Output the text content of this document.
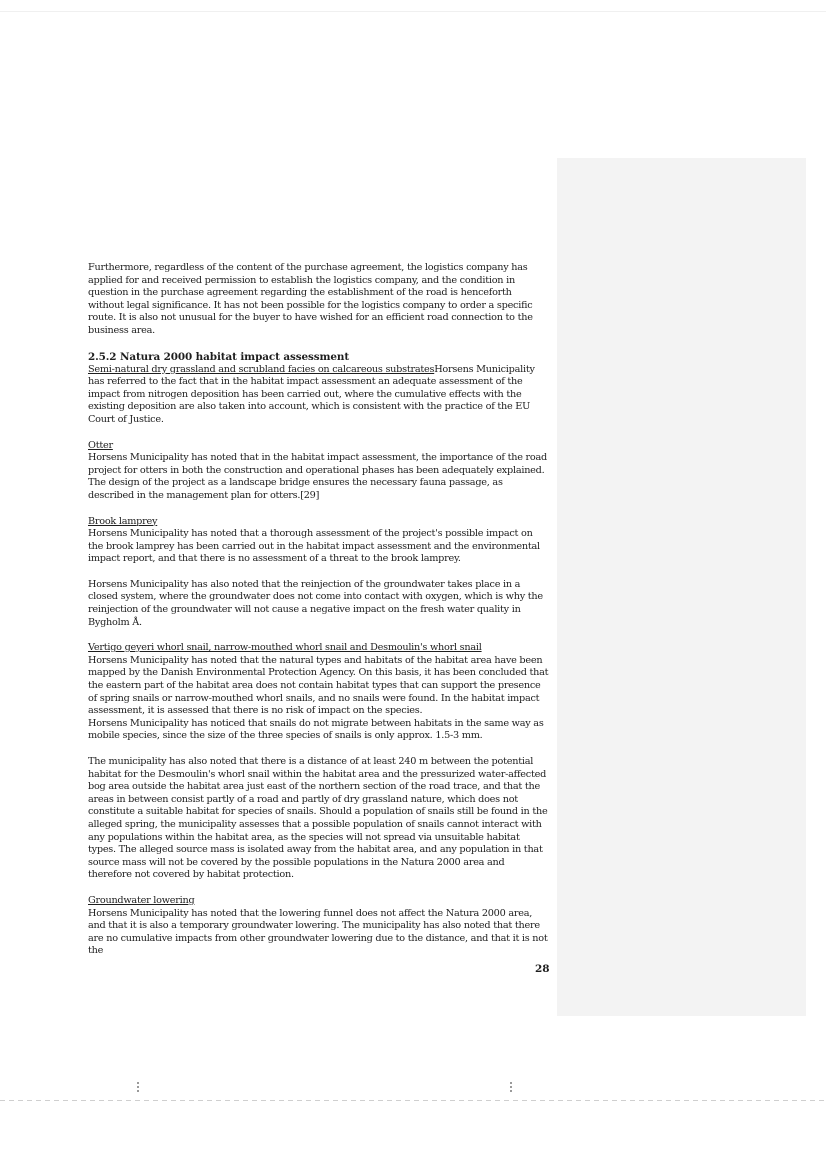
Furthermore, regardless of the content of the purchase agreement, the logistics company has applied for and received permission to establish the logistics company, and the condition in question in the purchase agreement regarding the establishment of the road is henceforth without legal significance. It has not been possible for the logistics company to order a specific route. It is also not unusual for the buyer to have wished for an efficient road connection to the business area.

2.5.2 Natura 2000 habitat impact assessment

Semi-natural dry grassland and scrubland facies on calcareous substratesHorsens Municipality has referred to the fact that in the habitat impact assessment an adequate assessment of the impact from nitrogen deposition has been carried out, where the cumulative effects with the existing deposition are also taken into account, which is consistent with the practice of the EU Court of Justice.

Otter
Horsens Municipality has noted that in the habitat impact assessment, the importance of the road project for otters in both the construction and operational phases has been adequately explained. The design of the project as a landscape bridge ensures the necessary fauna passage, as described in the management plan for otters.[29]

Brook lamprey
Horsens Municipality has noted that a thorough assessment of the project's possible impact on the brook lamprey has been carried out in the habitat impact assessment and the environmental impact report, and that there is no assessment of a threat to the brook lamprey.

Horsens Municipality has also noted that the reinjection of the groundwater takes place in a closed system, where the groundwater does not come into contact with oxygen, which is why the reinjection of the groundwater will not cause a negative impact on the fresh water quality in Bygholm Å.

Vertigo geyeri whorl snail, narrow-mouthed whorl snail and Desmoulin's whorl snail
Horsens Municipality has noted that the natural types and habitats of the habitat area have been mapped by the Danish Environmental Protection Agency. On this basis, it has been concluded that the eastern part of the habitat area does not contain habitat types that can support the presence of spring snails or narrow-mouthed whorl snails, and no snails were found. In the habitat impact assessment, it is assessed that there is no risk of impact on the species.
Horsens Municipality has noticed that snails do not migrate between habitats in the same way as mobile species, since the size of the three species of snails is only approx. 1.5-3 mm.

The municipality has also noted that there is a distance of at least 240 m between the potential habitat for the Desmoulin's whorl snail within the habitat area and the pressurized water-affected bog area outside the habitat area just east of the northern section of the road trace, and that the areas in between consist partly of a road and partly of dry grassland nature, which does not constitute a suitable habitat for species of snails. Should a population of snails still be found in the alleged spring, the municipality assesses that a possible population of snails cannot interact with any populations within the habitat area, as the species will not spread via unsuitable habitat types. The alleged source mass is isolated away from the habitat area, and any population in that source mass will not be covered by the possible populations in the Natura 2000 area and therefore not covered by habitat protection.

Groundwater lowering
Horsens Municipality has noted that the lowering funnel does not affect the Natura 2000 area, and that it is also a temporary groundwater lowering. The municipality has also noted that there are no cumulative impacts from other groundwater lowering due to the distance, and that it is not the

28
